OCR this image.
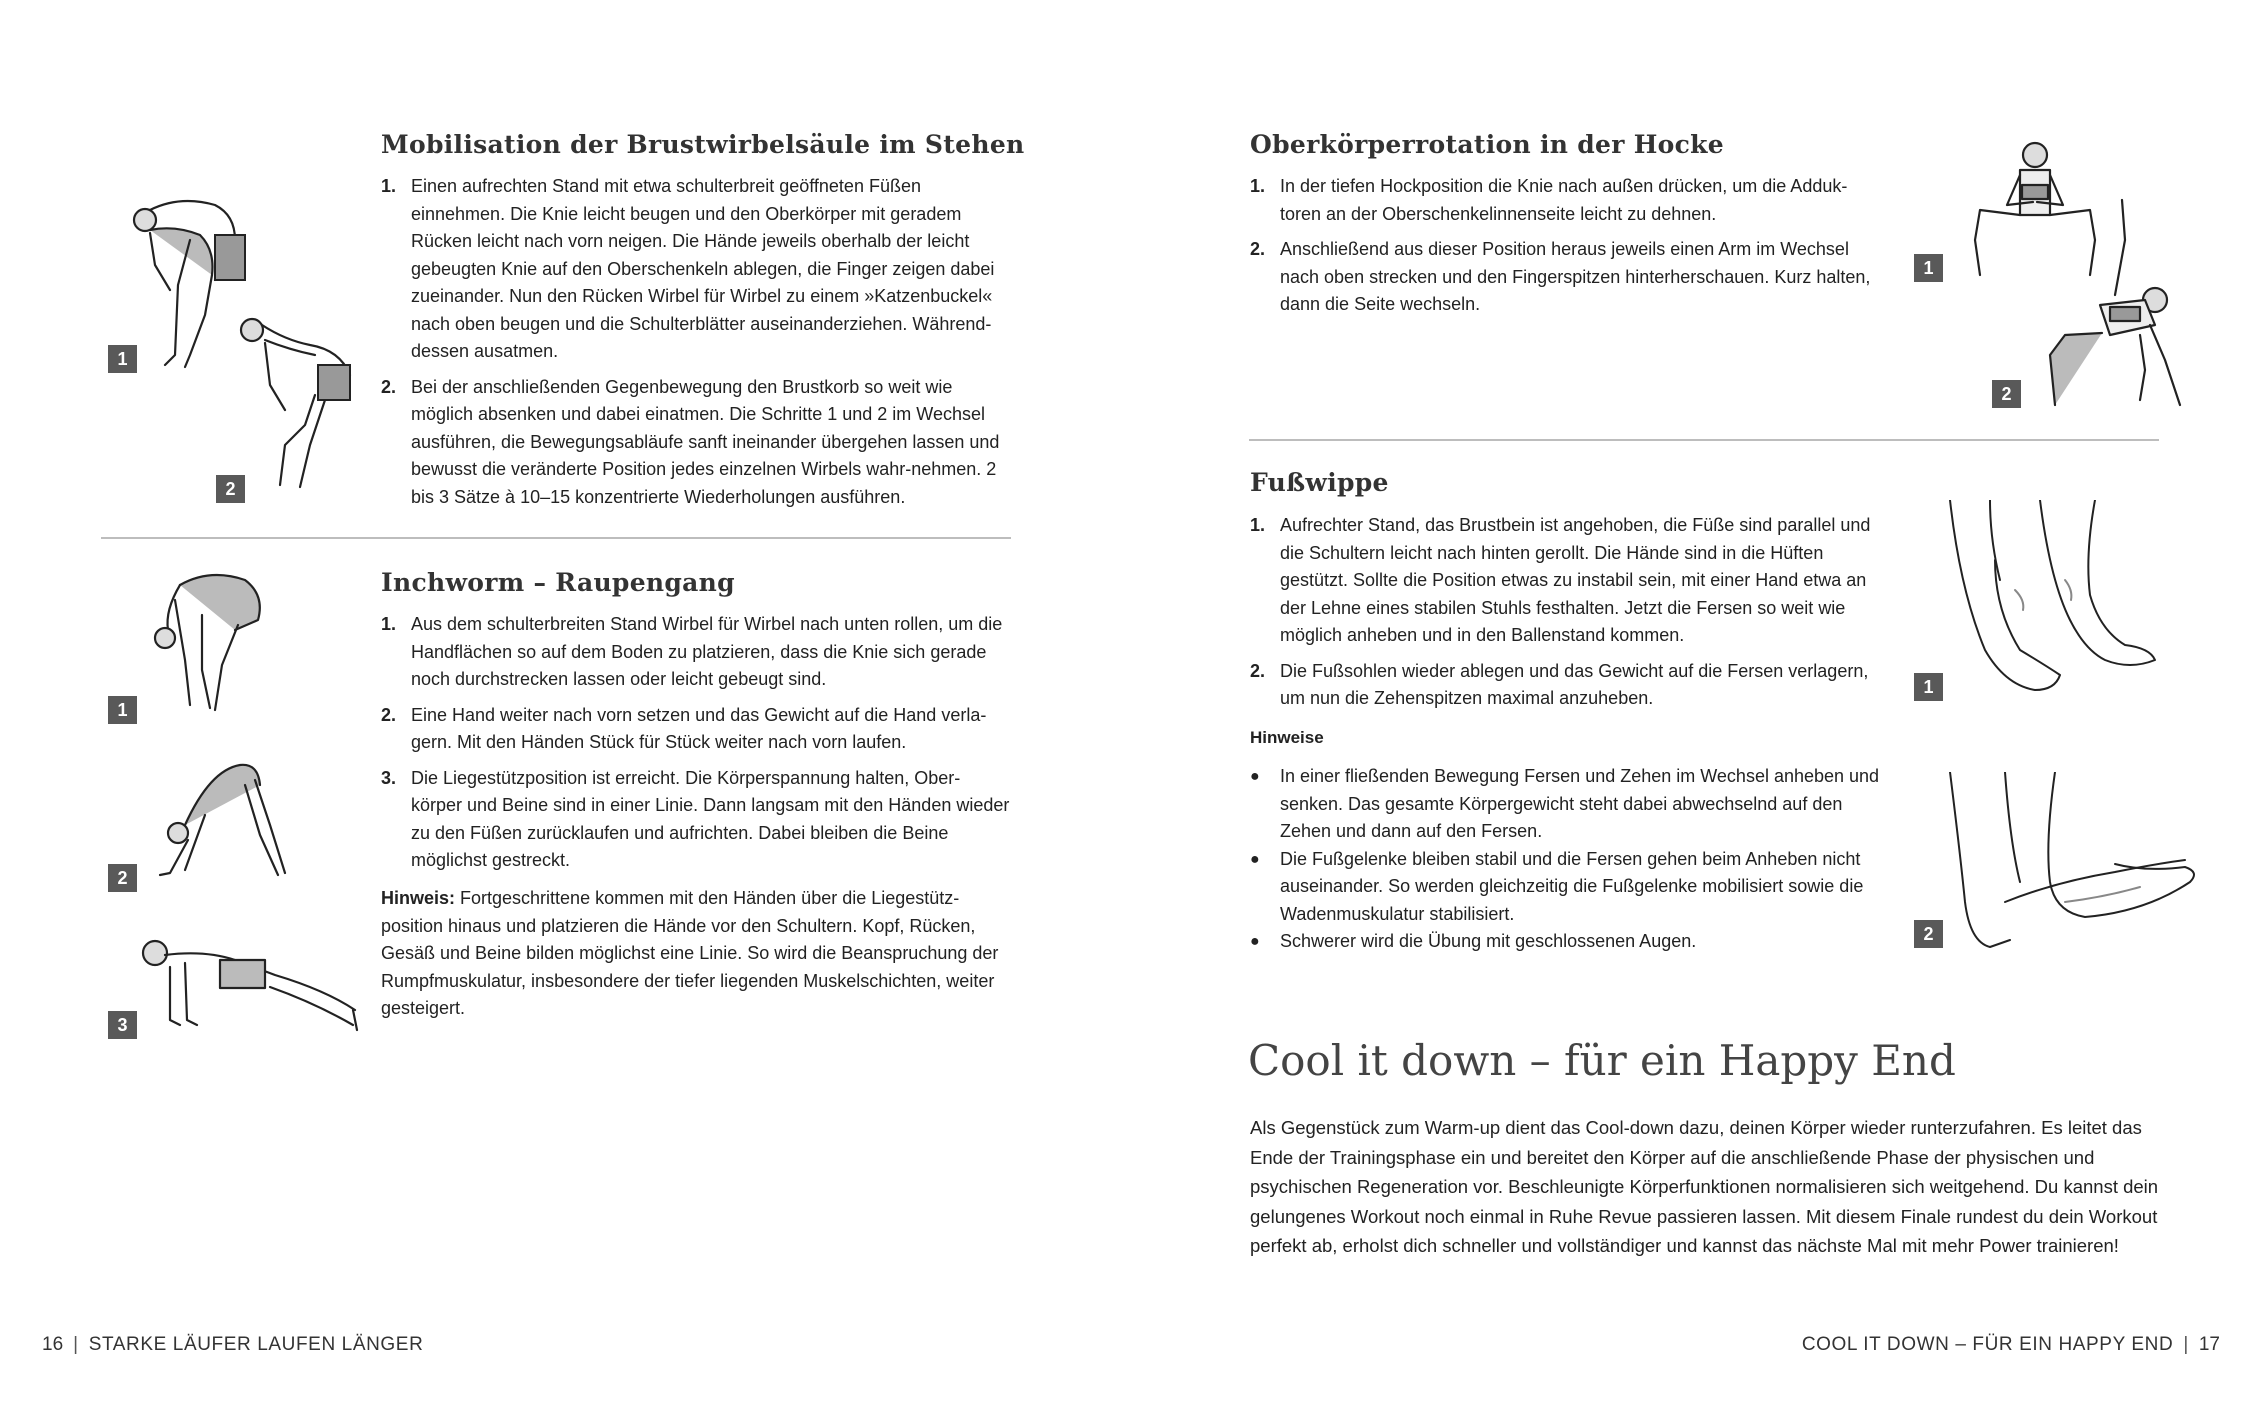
Mobilisation der Brustwirbelsäule im Stehen
1. Einen aufrechten Stand mit etwa schulterbreit geöffneten Füßen einnehmen. Die Knie leicht beugen und den Oberkörper mit geradem Rücken leicht nach vorn neigen. Die Hände jeweils oberhalb der leicht gebeugten Knie auf den Oberschenkeln ablegen, die Finger zeigen dabei zueinander. Nun den Rücken Wirbel für Wirbel zu einem »Katzenbuckel« nach oben beugen und die Schulterblätter auseinanderziehen. Während-dessen ausatmen.
2. Bei der anschließenden Gegenbewegung den Brustkorb so weit wie möglich absenken und dabei einatmen. Die Schritte 1 und 2 im Wechsel ausführen, die Bewegungsabläufe sanft ineinander übergehen lassen und bewusst die veränderte Position jedes einzelnen Wirbels wahr-nehmen. 2 bis 3 Sätze à 10–15 konzentrierte Wiederholungen ausführen.
1
2
Inchworm – Raupengang
1. Aus dem schulterbreiten Stand Wirbel für Wirbel nach unten rollen, um die Handflächen so auf dem Boden zu platzieren, dass die Knie sich gerade noch durchstrecken lassen oder leicht gebeugt sind.
2. Eine Hand weiter nach vorn setzen und das Gewicht auf die Hand verla-gern. Mit den Händen Stück für Stück weiter nach vorn laufen.
3. Die Liegestützposition ist erreicht. Die Körperspannung halten, Ober-körper und Beine sind in einer Linie. Dann langsam mit den Händen wieder zu den Füßen zurücklaufen und aufrichten. Dabei bleiben die Beine möglichst gestreckt.
Hinweis: Fortgeschrittene kommen mit den Händen über die Liegestütz-position hinaus und platzieren die Hände vor den Schultern. Kopf, Rücken, Gesäß und Beine bilden möglichst eine Linie. So wird die Beanspruchung der Rumpfmuskulatur, insbesondere der tiefer liegenden Muskelschichten, weiter gesteigert.
1
2
3
16 | STARKE LÄUFER LAUFEN LÄNGER
Oberkörperrotation in der Hocke
1. In der tiefen Hockposition die Knie nach außen drücken, um die Adduk-toren an der Oberschenkelinnenseite leicht zu dehnen.
2. Anschließend aus dieser Position heraus jeweils einen Arm im Wechsel nach oben strecken und den Fingerspitzen hinterherschauen. Kurz halten, dann die Seite wechseln.
1
2
Fußwippe
1. Aufrechter Stand, das Brustbein ist angehoben, die Füße sind parallel und die Schultern leicht nach hinten gerollt. Die Hände sind in die Hüften gestützt. Sollte die Position etwas zu instabil sein, mit einer Hand etwa an der Lehne eines stabilen Stuhls festhalten. Jetzt die Fersen so weit wie möglich anheben und in den Ballenstand kommen.
2. Die Fußsohlen wieder ablegen und das Gewicht auf die Fersen verlagern, um nun die Zehenspitzen maximal anzuheben.
Hinweise
● In einer fließenden Bewegung Fersen und Zehen im Wechsel anheben und senken. Das gesamte Körpergewicht steht dabei abwechselnd auf den Zehen und dann auf den Fersen.
● Die Fußgelenke bleiben stabil und die Fersen gehen beim Anheben nicht auseinander. So werden gleichzeitig die Fußgelenke mobilisiert sowie die Wadenmuskulatur stabilisiert.
● Schwerer wird die Übung mit geschlossenen Augen.
1
2
Cool it down – für ein Happy End
Als Gegenstück zum Warm-up dient das Cool-down dazu, deinen Körper wieder runterzufahren. Es leitet das Ende der Trainingsphase ein und bereitet den Körper auf die anschließende Phase der physischen und psychischen Regeneration vor. Beschleunigte Körperfunktionen normalisieren sich weitgehend. Du kannst dein gelungenes Workout noch einmal in Ruhe Revue passieren lassen. Mit diesem Finale rundest du dein Workout perfekt ab, erholst dich schneller und vollständiger und kannst das nächste Mal mit mehr Power trainieren!
COOL IT DOWN – FÜR EIN HAPPY END | 17
